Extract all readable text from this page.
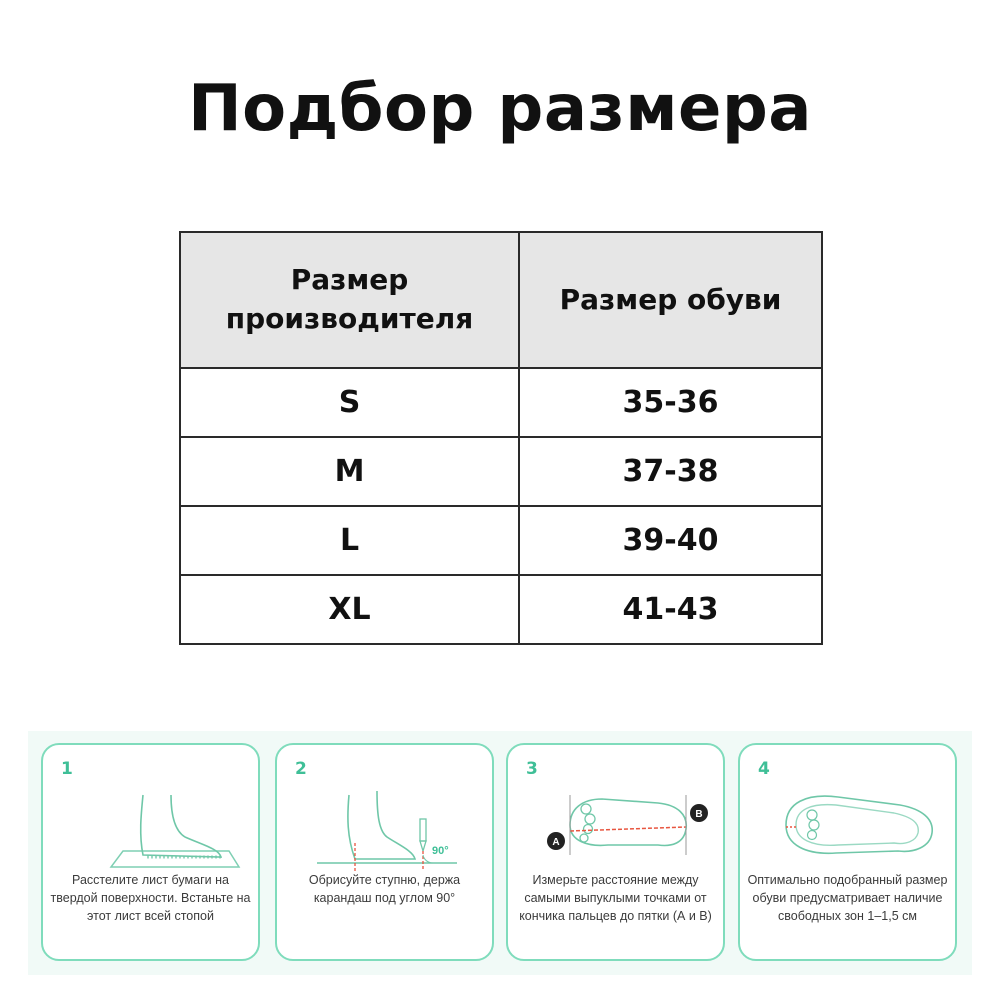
Подбор размера
Размер производителя	Размер обуви
S	35-36
M	37-38
L	39-40
XL	41-43
1
Расстелите лист бумаги на твердой поверхности. Встаньте на этот лист всей стопой
2
90°
Обрисуйте ступню, держа карандаш под углом 90°
3
A
B
Измерьте расстояние между самыми выпуклыми точками от кончика пальцев до пятки (А и В)
4
Оптимально подобранный размер обуви предусматривает наличие свободных зон 1–1,5 см
